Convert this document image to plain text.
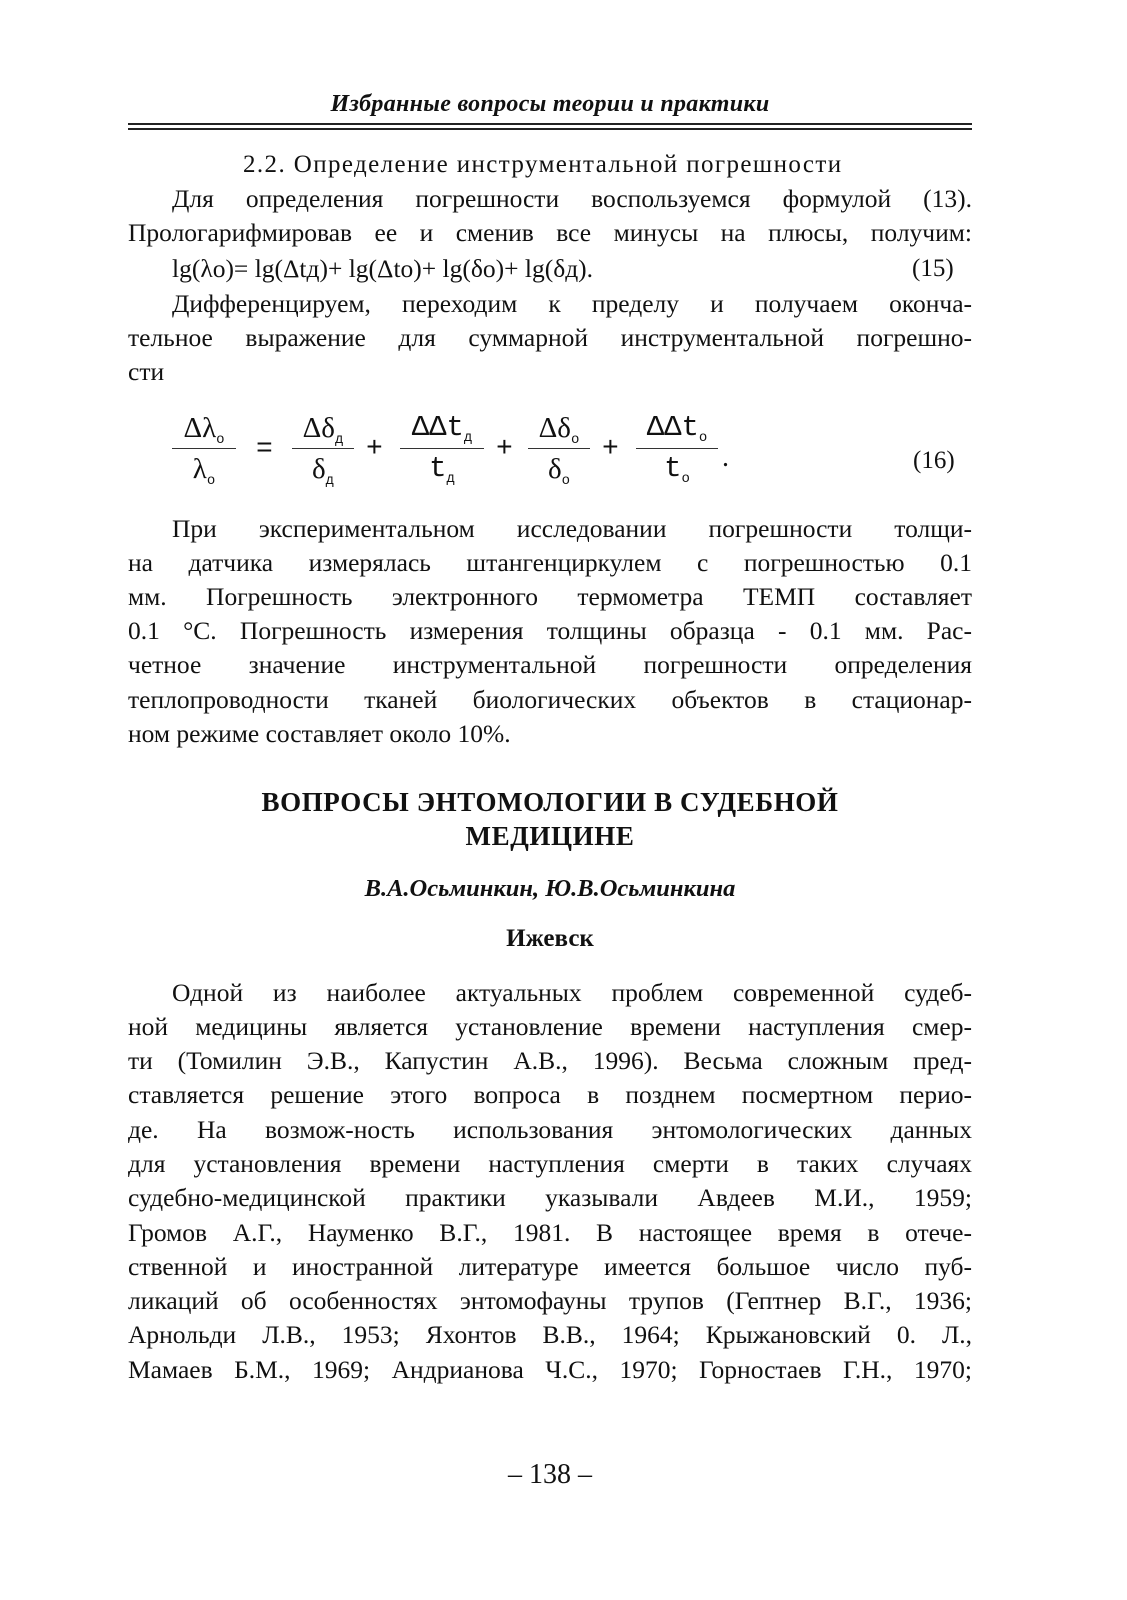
Избранные вопросы теории и практики
2.2. Определение инструментальной погрешности
Для определения погрешности воспользуемся формулой (13).
Прологарифмировав ее и сменив все минусы на плюсы, получим:
lg(λo)= lg(Δtд)+ lg(Δto)+ lg(δo)+ lg(δд).	(15)
Дифференцируем, переходим к пределу и получаем оконча-
тельное выражение для суммарной инструментальной погрешно-
сти
$\Delta\lambda_о$
$\lambda_о$
=
$\Delta\delta_д$
$\delta_д$
+
ΔΔt$_д$
$t_д$
+
$\Delta\delta_о$
$\delta_о$
+
ΔΔt$_о$
$t_о$
.	(16)
При экспериментальном исследовании погрешности толщи-
на датчика измерялась штангенциркулем с погрешностью 0.1
мм. Погрешность электронного термометра ТЕМП составляет
0.1 °С. Погрешность измерения толщины образца - 0.1 мм. Рас-
четное значение инструментальной погрешности определения
теплопроводности тканей биологических объектов в стационар-
ном режиме составляет около 10%.
ВОПРОСЫ ЭНТОМОЛОГИИ В СУДЕБНОЙ
МЕДИЦИНЕ
В.А.Осьминкин, Ю.В.Осьминкина
Ижевск
Одной из наиболее актуальных проблем современной судеб-
ной медицины является установление времени наступления смер-
ти (Томилин Э.В., Капустин А.В., 1996). Весьма сложным пред-
ставляется решение этого вопроса в позднем посмертном перио-
де. На возмож-ность использования энтомологических данных
для установления времени наступления смерти в таких случаях
судебно-медицинской практики указывали Авдеев М.И., 1959;
Громов А.Г., Науменко В.Г., 1981. В настоящее время в отече-
ственной и иностранной литературе имеется большое число пуб-
ликаций об особенностях энтомофауны трупов (Гептнер В.Г., 1936;
Арнольди Л.В., 1953; Яхонтов В.В., 1964; Крыжановский 0. Л.,
Мамаев Б.М., 1969; Андрианова Ч.С., 1970; Горностаев Г.Н., 1970;
– 138 –
